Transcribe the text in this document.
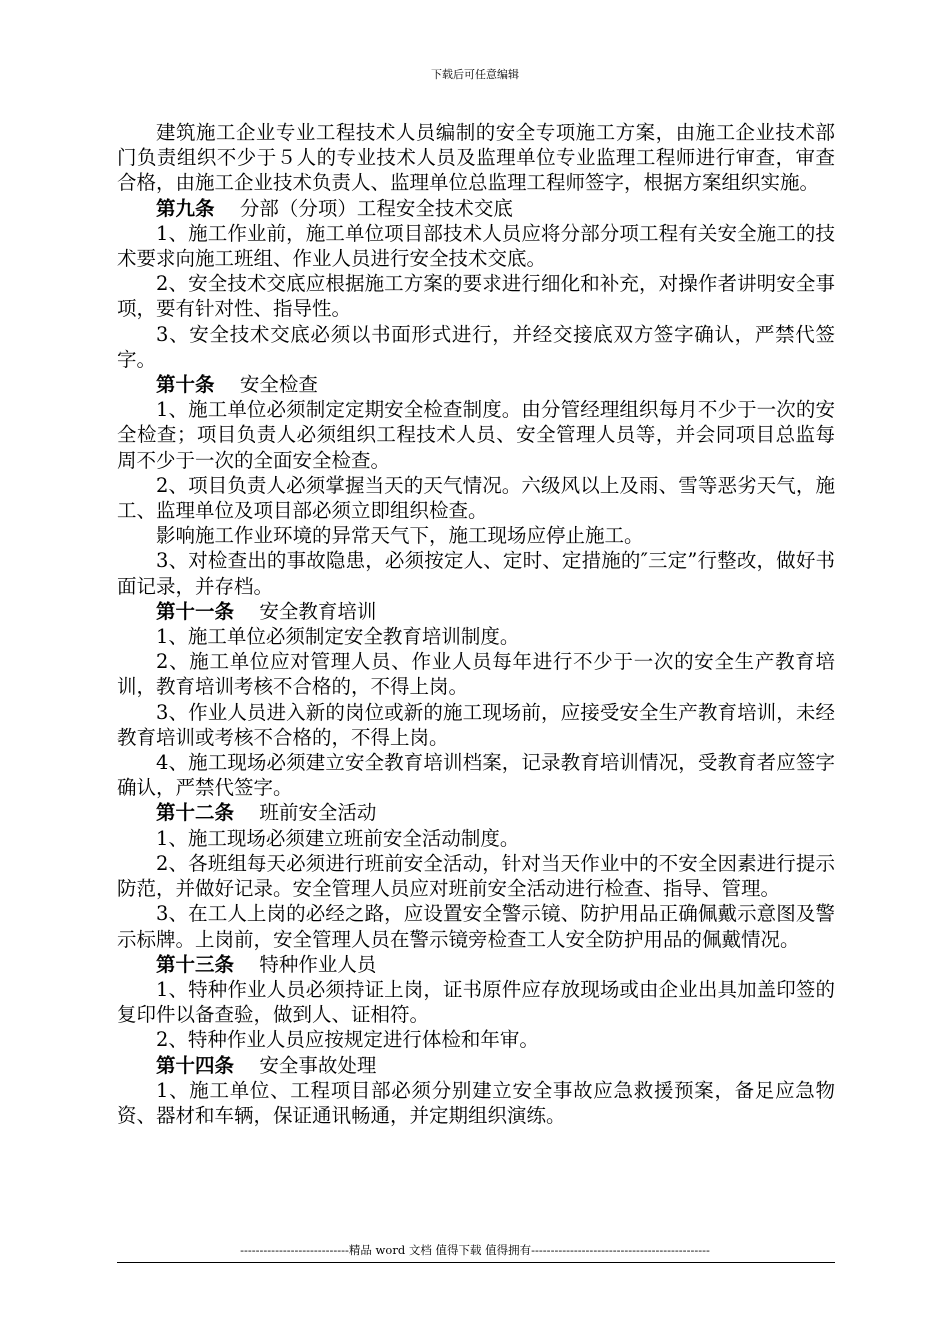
下载后可任意编辑

建筑施工企业专业工程技术人员编制的安全专项施工方案，由施工企业技术部门负责组织不少于５人的专业技术人员及监理单位专业监理工程师进行审查，审查合格，由施工企业技术负责人、监理单位总监理工程师签字，根据方案组织实施。

第九条 分部（分项）工程安全技术交底

1、施工作业前，施工单位项目部技术人员应将分部分项工程有关安全施工的技术要求向施工班组、作业人员进行安全技术交底。

2、安全技术交底应根据施工方案的要求进行细化和补充，对操作者讲明安全事项，要有针对性、指导性。

3、安全技术交底必须以书面形式进行，并经交接底双方签字确认，严禁代签字。

第十条 安全检查

1、施工单位必须制定定期安全检查制度。由分管经理组织每月不少于一次的安全检查；项目负责人必须组织工程技术人员、安全管理人员等，并会同项目总监每周不少于一次的全面安全检查。

2、项目负责人必须掌握当天的天气情况。六级风以上及雨、雪等恶劣天气，施工、监理单位及项目部必须立即组织检查。

影响施工作业环境的异常天气下，施工现场应停止施工。

3、对检查出的事故隐患，必须按定人、定时、定措施的″三定”行整改，做好书面记录，并存档。

第十一条 安全教育培训

1、施工单位必须制定安全教育培训制度。

2、施工单位应对管理人员、作业人员每年进行不少于一次的安全生产教育培训，教育培训考核不合格的，不得上岗。

3、作业人员进入新的岗位或新的施工现场前，应接受安全生产教育培训，未经教育培训或考核不合格的，不得上岗。

4、施工现场必须建立安全教育培训档案，记录教育培训情况，受教育者应签字确认，严禁代签字。

第十二条 班前安全活动

1、施工现场必须建立班前安全活动制度。

2、各班组每天必须进行班前安全活动，针对当天作业中的不安全因素进行提示防范，并做好记录。安全管理人员应对班前安全活动进行检查、指导、管理。

3、在工人上岗的必经之路，应设置安全警示镜、防护用品正确佩戴示意图及警示标牌。上岗前，安全管理人员在警示镜旁检查工人安全防护用品的佩戴情况。

第十三条 特种作业人员

1、特种作业人员必须持证上岗，证书原件应存放现场或由企业出具加盖印签的复印件以备查验，做到人、证相符。

2、特种作业人员应按规定进行体检和年审。

第十四条 安全事故处理

1、施工单位、工程项目部必须分别建立安全事故应急救援预案，备足应急物资、器材和车辆，保证通讯畅通，并定期组织演练。

----------------------------精品 word 文档 值得下载 值得拥有----------------------------------------------
